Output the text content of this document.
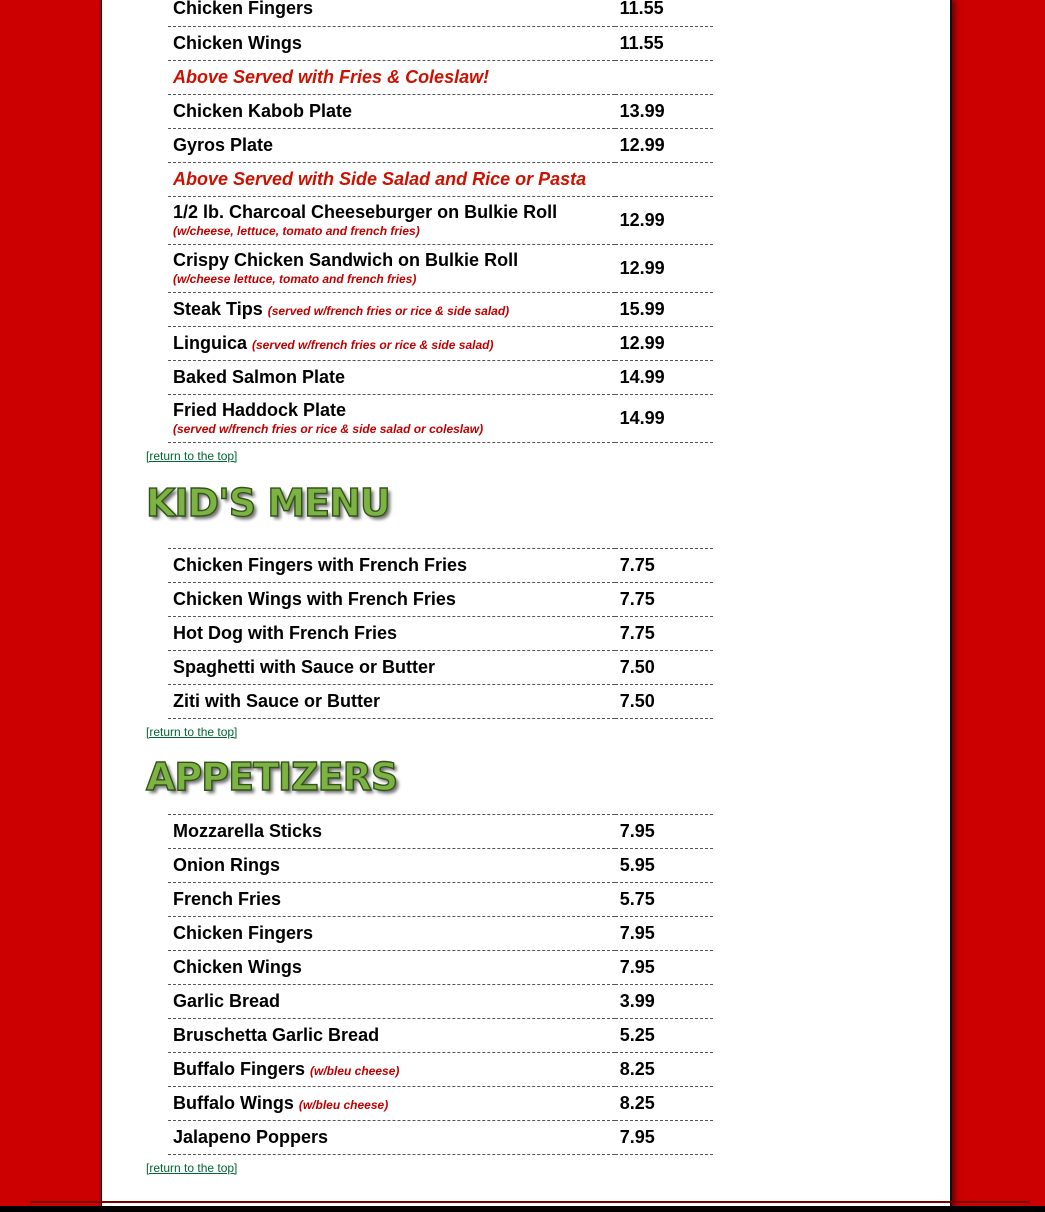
Chicken Fingers	11.55
Chicken Wings	11.55
Above Served with Fries & Coleslaw!	
Chicken Kabob Plate	13.99
Gyros Plate	12.99
Above Served with Side Salad and Rice or Pasta	
1/2 lb. Charcoal Cheeseburger on Bulkie Roll
(w/cheese, lettuce, tomato and french fries)	12.99
Crispy Chicken Sandwich on Bulkie Roll
(w/cheese lettuce, tomato and french fries)	12.99
Steak Tips (served w/french fries or rice & side salad)	15.99
Linguica (served w/french fries or rice & side salad)	12.99
Baked Salmon Plate	14.99
Fried Haddock Plate
(served w/french fries or rice & side salad or coleslaw)	14.99
[return to the top]
KID'S MENU
Chicken Fingers with French Fries	7.75
Chicken Wings with French Fries	7.75
Hot Dog with French Fries	7.75
Spaghetti with Sauce or Butter	7.50
Ziti with Sauce or Butter	7.50
[return to the top]
APPETIZERS
Mozzarella Sticks	7.95
Onion Rings	5.95
French Fries	5.75
Chicken Fingers	7.95
Chicken Wings	7.95
Garlic Bread	3.99
Bruschetta Garlic Bread	5.25
Buffalo Fingers (w/bleu cheese)	8.25
Buffalo Wings (w/bleu cheese)	8.25
Jalapeno Poppers	7.95
[return to the top]
